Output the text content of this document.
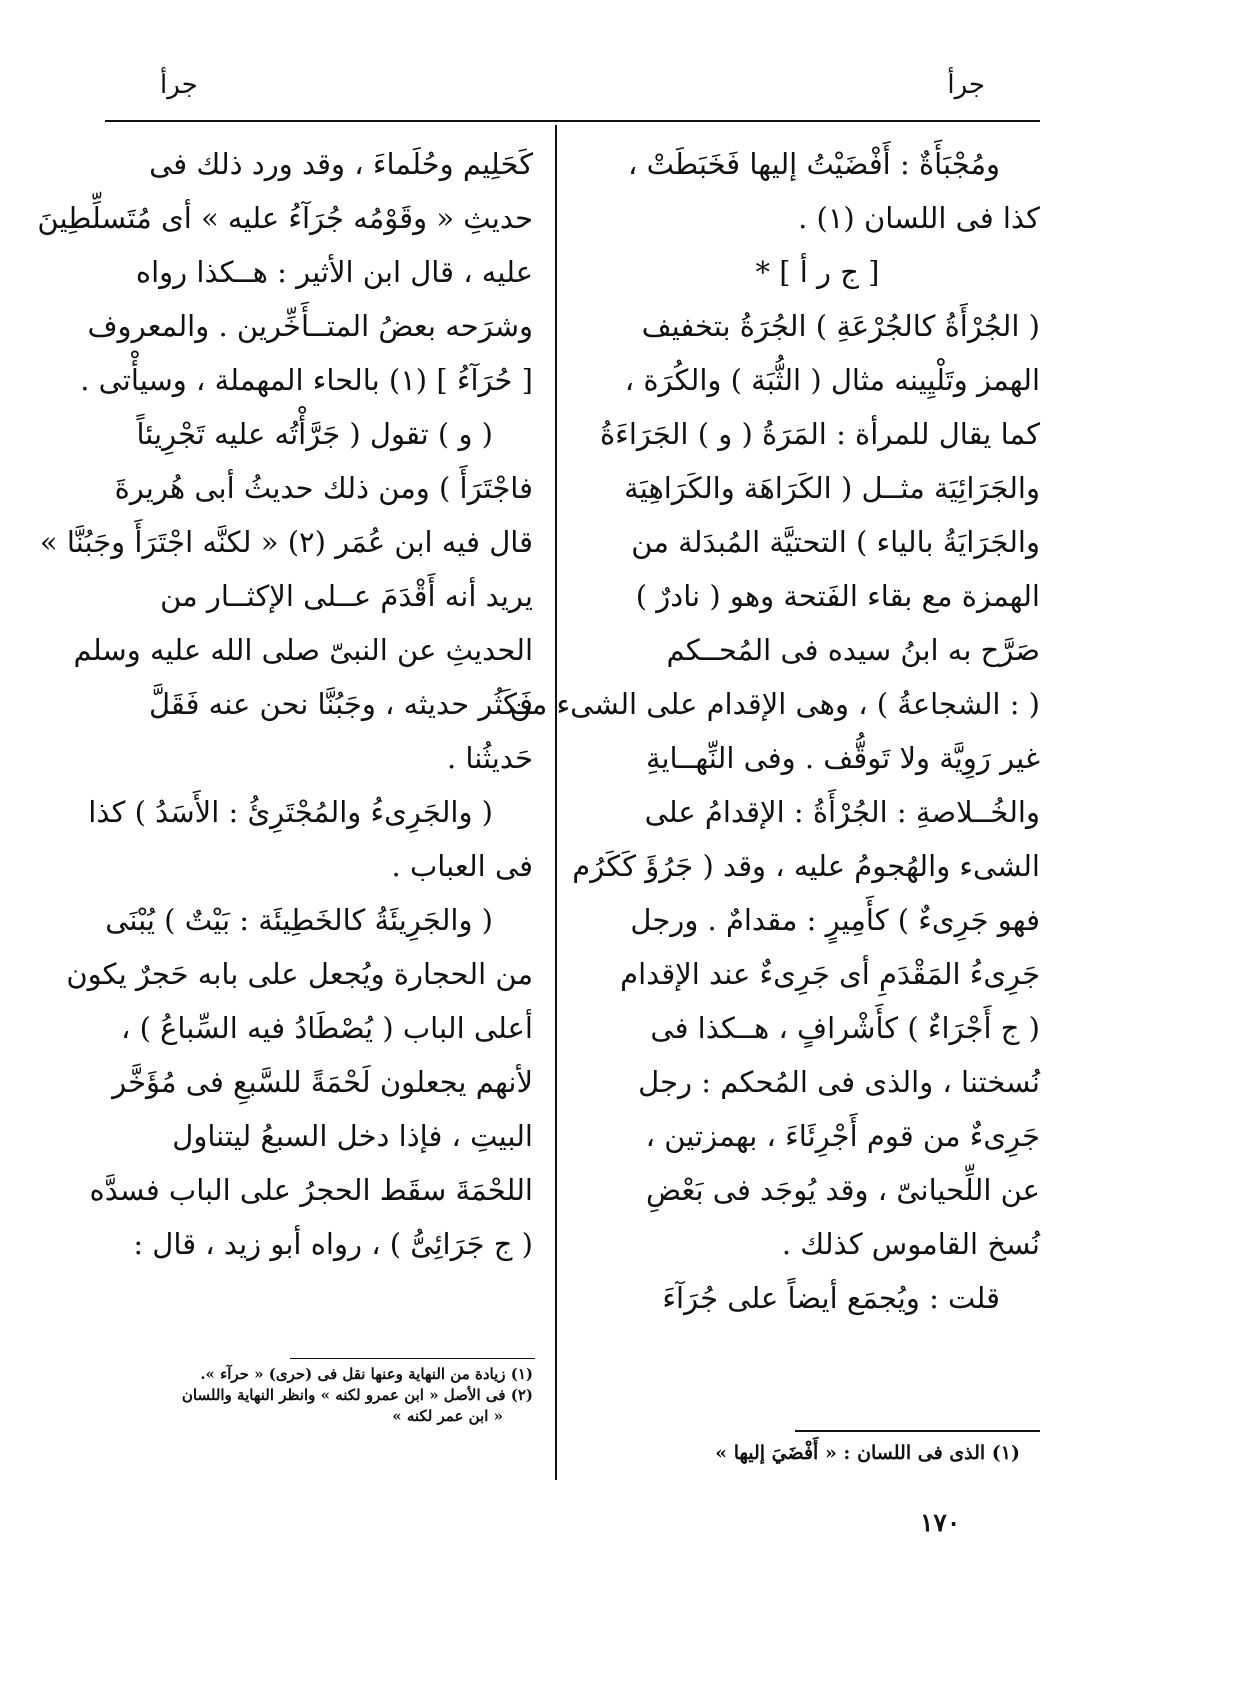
جرأ
جرأ
ومُجْبَأَةٌ : أَفْضَيْتُ إليها فَخَبَطَتْ ،
كذا فى اللسان (١) .
[ ج ر أ ] *
( الجُرْأَةُ كالجُرْعَةِ ) الجُرَةُ بتخفيف
الهمز وتَلْيِينه مثال ( الثُّبَة ) والكُرَة ،
كما يقال للمرأة : المَرَةُ ( و ) الجَرَاءَةُ
والجَرَائِيَة مثــل ( الكَرَاهَة والكَرَاهِيَة
والجَرَايَةُ بالياء ) التحتيَّة المُبدَلة من
الهمزة مع بقاء الفَتحة وهو ( نادرٌ )
صَرَّح به ابنُ سيده فى المُحــكم
( : الشجاعةُ ) ، وهى الإقدام على الشىء من
غير رَوِيَّة ولا تَوقُّف . وفى النِّهــايةِ
والخُــلاصةِ : الجُرْأَةُ : الإقدامُ على
الشىء والهُجومُ عليه ، وقد ( جَرُؤَ كَكَرُم
فهو جَرِىءٌ ) كأَمِيرٍ : مقدامٌ . ورجل
جَرِىءُ المَقْدَمِ أى جَرِىءٌ عند الإقدام
( ج أَجْرَاءٌ ) كأَشْرافٍ ، هــكذا فى
نُسختنا ، والذى فى المُحكم : رجل
جَرِىءٌ من قوم أَجْرِئَاءَ ، بهمزتين ،
عن اللِّحيانىّ ، وقد يُوجَد فى بَعْضِ
نُسخ القاموس كذلك .
قلت : ويُجمَع أيضاً على جُرَآءَ
كَحَلِيم وحُلَماءَ ، وقد ورد ذلك فى
حديثِ « وقَوْمُه جُرَآءُ عليه » أى مُتَسلِّطِينَ
عليه ، قال ابن الأثير : هــكذا رواه
وشرَحه بعضُ المتــأَخِّرين . والمعروف
[ حُرَآءُ ] (١) بالحاء المهملة ، وسيأْتى .
( و ) تقول ( جَرَّأْتُه عليه تَجْرِيئاً
فاجْتَرَأَ ) ومن ذلك حديثُ أبى هُريرةَ
قال فيه ابن عُمَر (٢) « لكنَّه اجْتَرَأَ وجَبُنَّا »
يريد أنه أَقْدَمَ عــلى الإكثــار من
الحديثِ عن النبىّ صلى الله عليه وسلم
فَكَثُر حديثه ، وجَبُنَّا نحن عنه فَقَلَّ
حَديثُنا .
( والجَرِىءُ والمُجْتَرِئُ : الأَسَدُ ) كذا
فى العباب .
( والجَرِيئَةُ كالخَطِيئَة : بَيْتٌ ) يُبْنَى
من الحجارة ويُجعل على بابه حَجرٌ يكون
أعلى الباب ( يُصْطَادُ فيه السِّباعُ ) ،
لأنهم يجعلون لَحْمَةً للسَّبعِ فى مُؤَخَّر
البيتِ ، فإذا دخل السبعُ ليتناول
اللحْمَةَ سقَط الحجرُ على الباب فسدَّه
( ج جَرَائِىُّ ) ، رواه أبو زيد ، قال :
(١) الذى فى اللسان : « أَفْضَيَ إليها »
(١) زيادة من النهاية وعنها نقل فى (حرى) « حرآء ».
(٢) فى الأصل « ابن عمرو لكنه » وانظر النهاية واللسان
« ابن عمر لكنه »
١٧٠
